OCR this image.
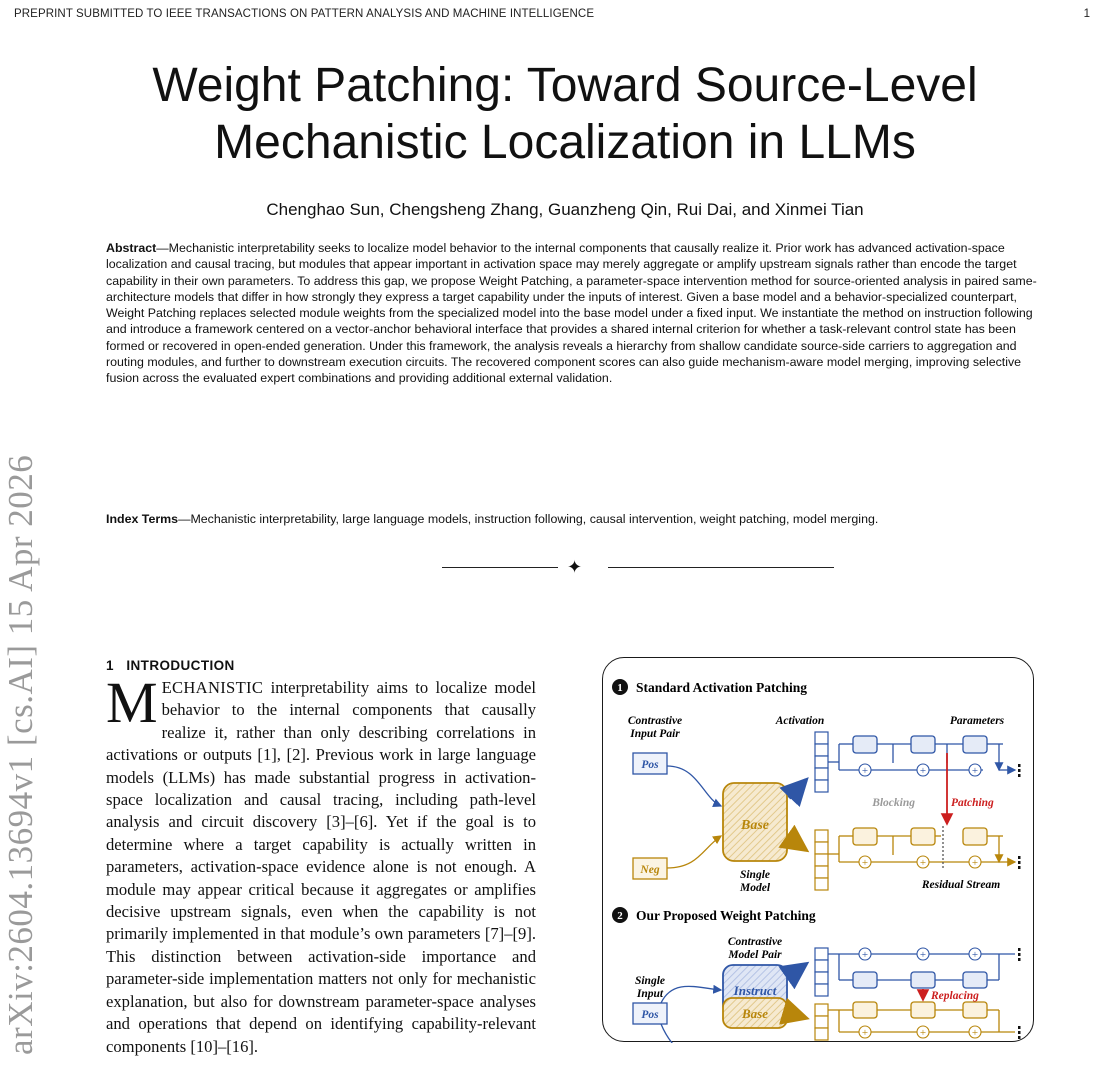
PREPRINT SUBMITTED TO IEEE TRANSACTIONS ON PATTERN ANALYSIS AND MACHINE INTELLIGENCE	1
Weight Patching: Toward Source-Level
Mechanistic Localization in LLMs
Chenghao Sun, Chengsheng Zhang, Guanzheng Qin, Rui Dai, and Xinmei Tian
Abstract—Mechanistic interpretability seeks to localize model behavior to the internal components that causally realize it. Prior work has advanced activation-space localization and causal tracing, but modules that appear important in activation space may merely aggregate or amplify upstream signals rather than encode the target capability in their own parameters. To address this gap, we propose Weight Patching, a parameter-space intervention method for source-oriented analysis in paired same-architecture models that differ in how strongly they express a target capability under the inputs of interest. Given a base model and a behavior-specialized counterpart, Weight Patching replaces selected module weights from the specialized model into the base model under a fixed input. We instantiate the method on instruction following and introduce a framework centered on a vector-anchor behavioral interface that provides a shared internal criterion for whether a task-relevant control state has been formed or recovered in open-ended generation. Under this framework, the analysis reveals a hierarchy from shallow candidate source-side carriers to aggregation and routing modules, and further to downstream execution circuits. The recovered component scores can also guide mechanism-aware model merging, improving selective fusion across the evaluated expert combinations and providing additional external validation.
Index Terms—Mechanistic interpretability, large language models, instruction following, causal intervention, weight patching, model merging.
✦
arXiv:2604.13694v1 [cs.AI] 15 Apr 2026	1 INTRODUCTION
MECHANISTIC interpretability aims to localize model behavior to the internal components that causally realize it, rather than only describing correlations in activations or outputs [1], [2]. Previous work in large language models (LLMs) has made substantial progress in activation-space localization and causal tracing, including path-level analysis and circuit discovery [3]–[6]. Yet if the goal is to determine where a target capability is actually written in parameters, activation-space evidence alone is not enough. A module may appear critical because it aggregates or amplifies decisive upstream signals, even when the capability is not primarily implemented in that module’s own parameters [7]–[9]. This distinction between activation-side importance and parameter-side implementation matters not only for mechanistic explanation, but also for downstream parameter-space analyses and operations that depend on identifying capability-relevant components [10]–[16].
1 Standard Activation Patching
Contrastive
Input Pair
Activation	Parameters
Pos
Neg
Base
Single
Model
+	+	+
+	+	+
Blocking	Patching
Residual Stream
2 Our Proposed Weight Patching
Contrastive
Model Pair
Single
Input
Pos
Instruct
Base
+	+	+
+	+	+
Replacing
